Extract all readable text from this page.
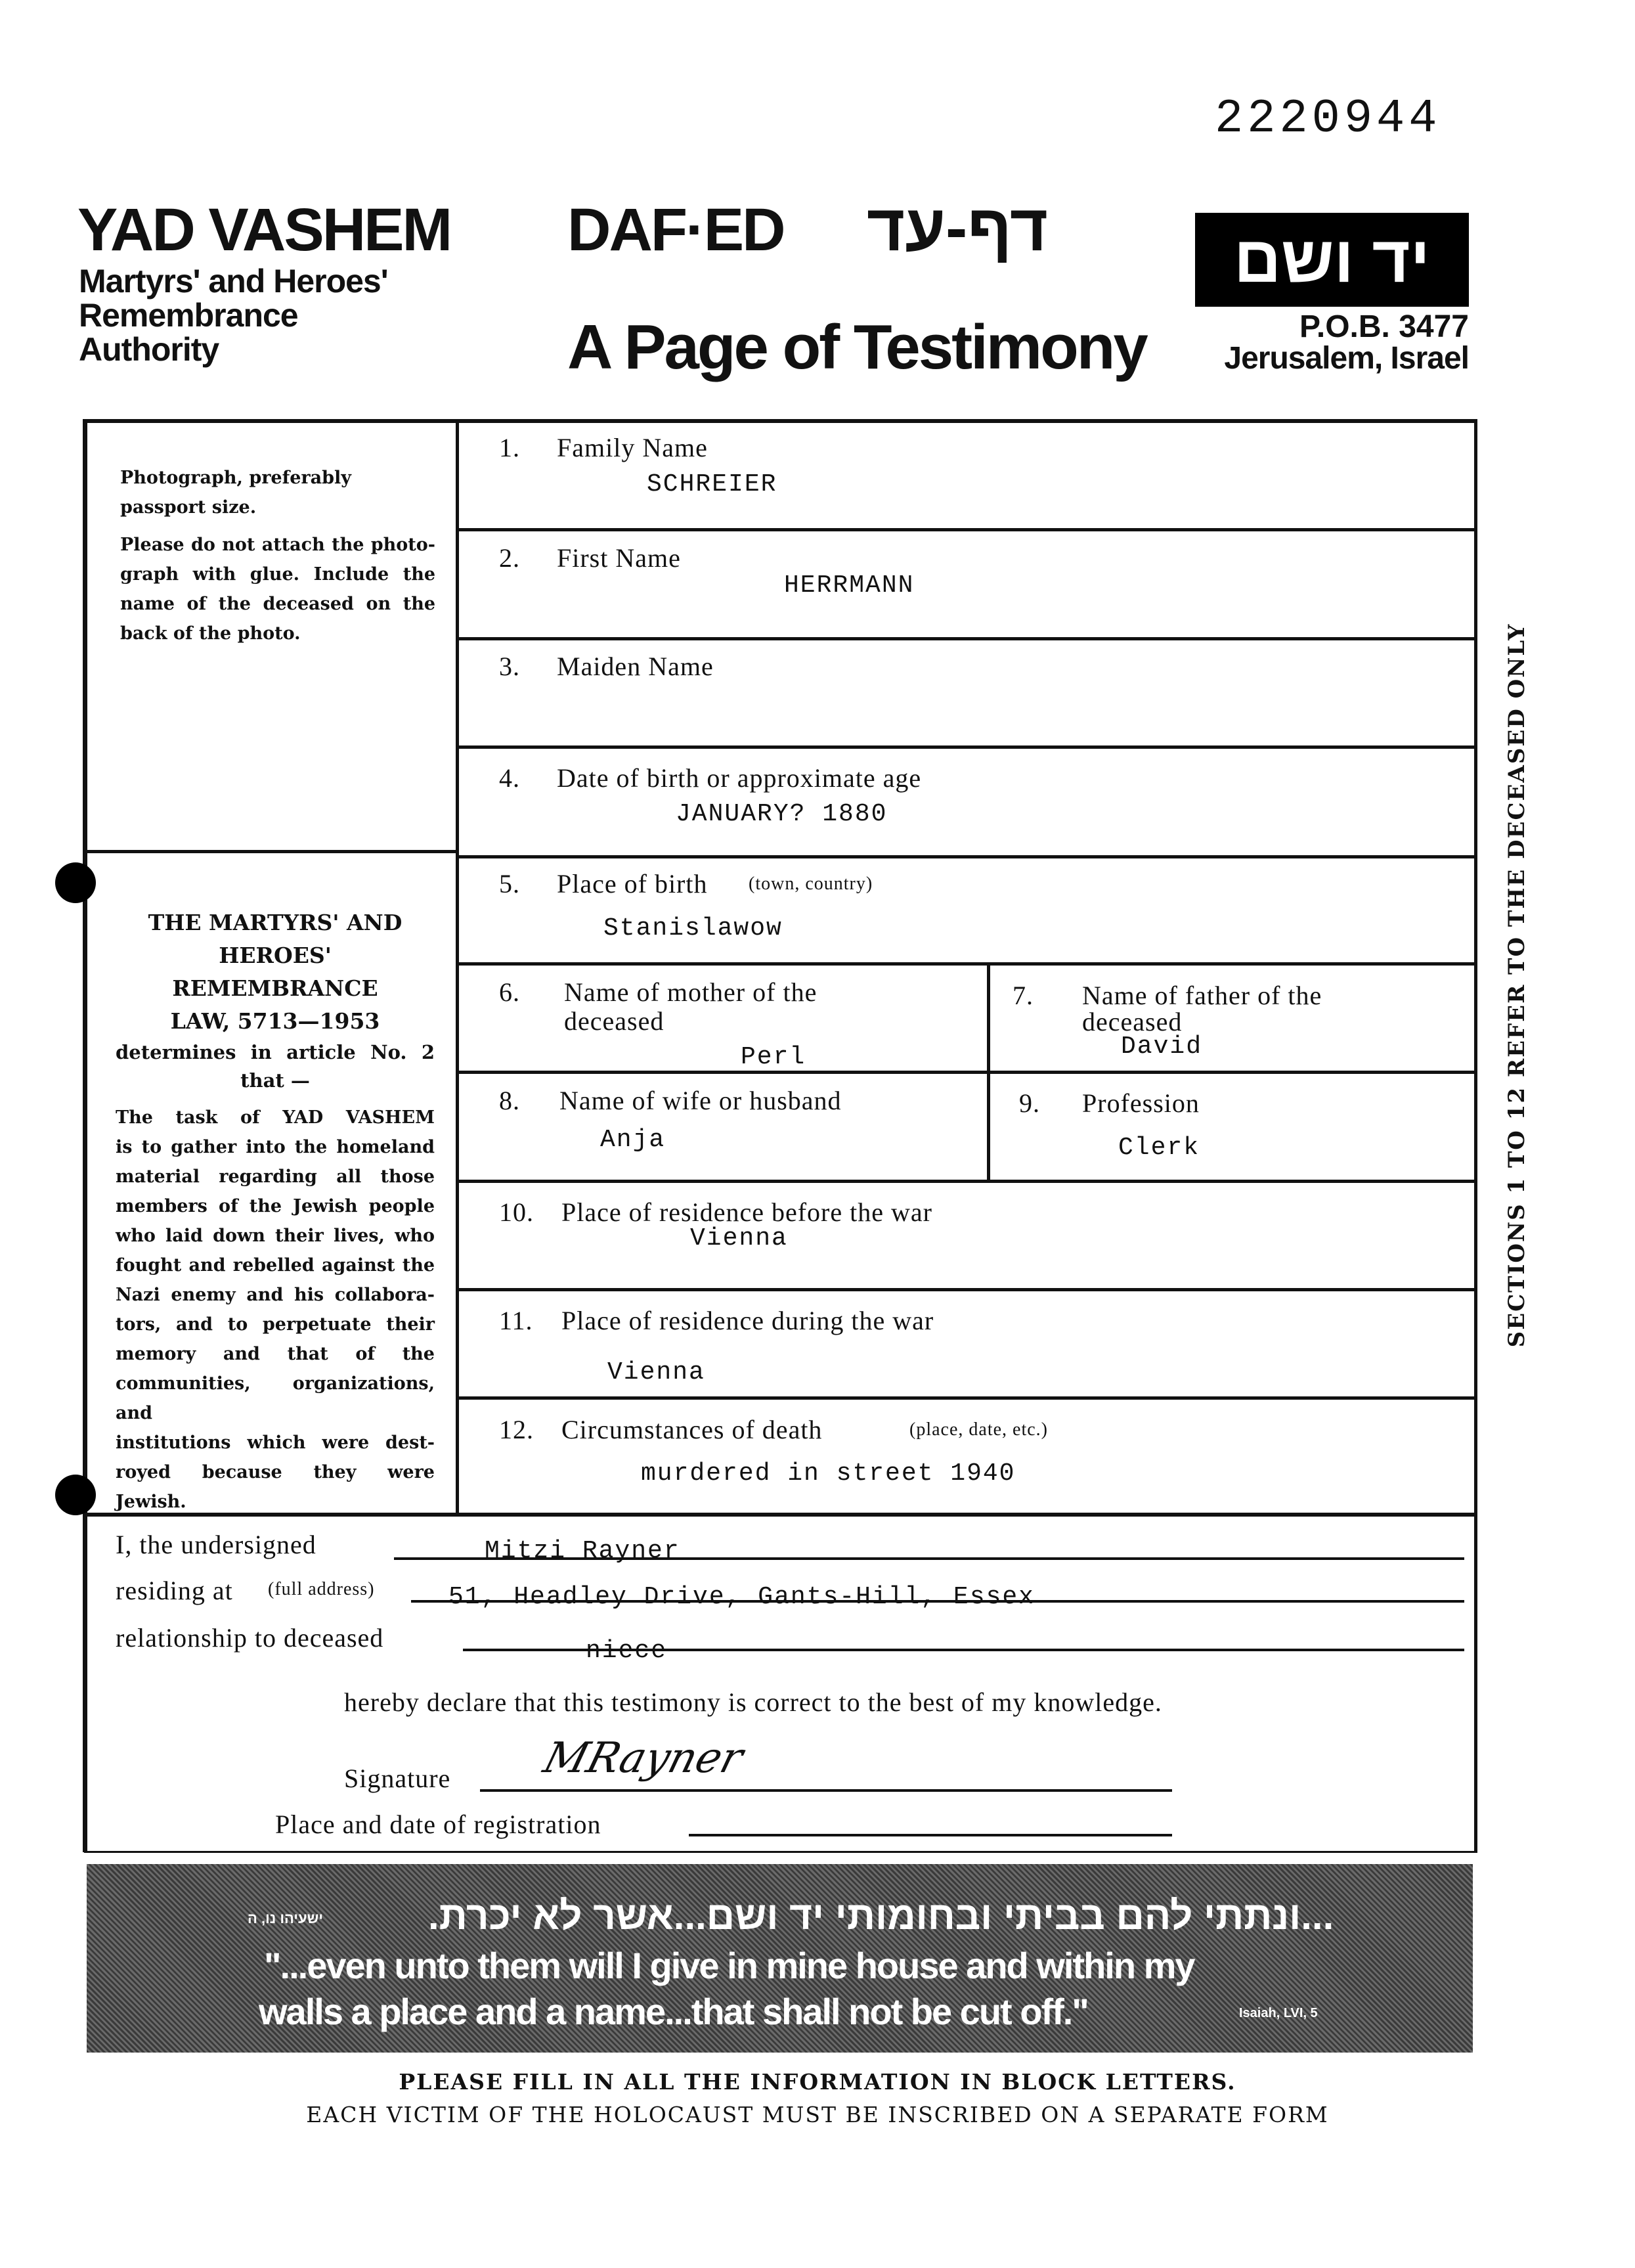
2220944
YAD VASHEM
Martyrs' and Heroes'
Remembrance
Authority
DAF·ED דף-עד	יד ושם
P.O.B. 3477
Jerusalem, Israel
A Page of Testimony
Photograph, preferably
passport size.
Please do not attach the photo-
graph with glue. Include the
name of the deceased on the
back of the photo.
THE MARTYRS' AND
HEROES' REMEMBRANCE
LAW, 5713—1953
determines in article No. 2
that —
The task of YAD VASHEM
is to gather into the homeland
material regarding all those
members of the Jewish people
who laid down their lives, who
fought and rebelled against the
Nazi enemy and his collabora-
tors, and to perpetuate their
memory and that of the
communities, organizations, and
institutions which were dest-
royed because they were Jewish.
1. Family Name
SCHREIER
2. First Name
HERRMANN
3. Maiden Name
4. Date of birth or approximate age
JANUARY? 1880
5. Place of birth (town, country)
Stanislawow
6. Name of mother of the
deceased
Perl
7. Name of father of the
deceased
David
8. Name of wife or husband
Anja
9. Profession
Clerk
10. Place of residence before the war
Vienna
11. Place of residence during the war
Vienna
12. Circumstances of death	(place, date, etc.)
murdered in street 1940
SECTIONS 1 TO 12 REFER TO THE DECEASED ONLY
I, the undersigned	Mitzi Rayner
residing at (full address)	51, Headley Drive, Gants-Hill, Essex
relationship to deceased	niece
hereby declare that this testimony is correct to the best of my knowledge.
Signature MRayner
Place and date of registration
...ונתתי להם בביתי ובחומותי יד ושם...אשר לא יכרת.
ישעיהו נו, ה
"...even unto them will I give in mine house and within my
walls a place and a name...that shall not be cut off."	Isaiah, LVI, 5
PLEASE FILL IN ALL THE INFORMATION IN BLOCK LETTERS.
EACH VICTIM OF THE HOLOCAUST MUST BE INSCRIBED ON A SEPARATE FORM
